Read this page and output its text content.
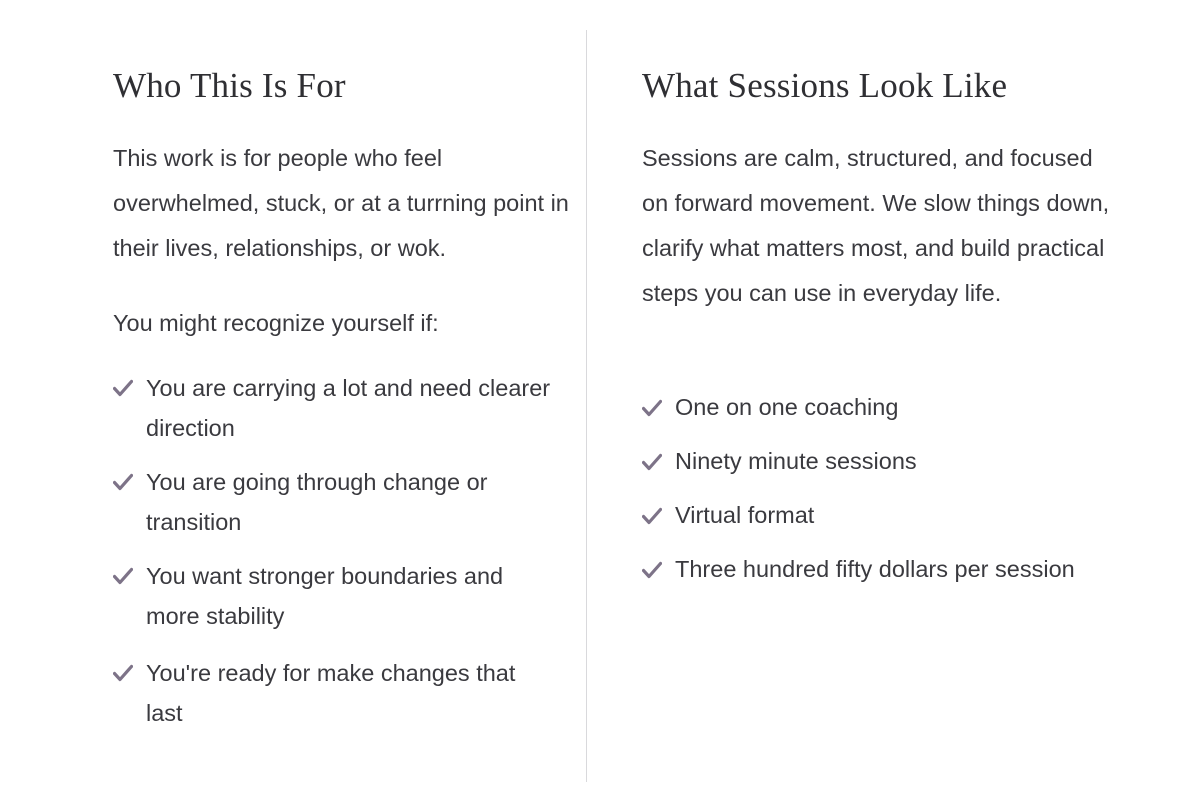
Who This Is For

This work is for people who feel overwhelmed, stuck, or at a turrning point in their lives, relationships, or wok.

You might recognize yourself if:

You are carrying a lot and need clearer direction
You are going through change or transition
You want stronger boundaries and more stability
You're ready for make changes that last
What Sessions Look Like

Sessions are calm, structured, and focused on forward movement. We slow things down, clarify what matters most, and build practical steps you can use in everyday life.

One on one coaching
Ninety minute sessions
Virtual format
Three hundred fifty dollars per session
